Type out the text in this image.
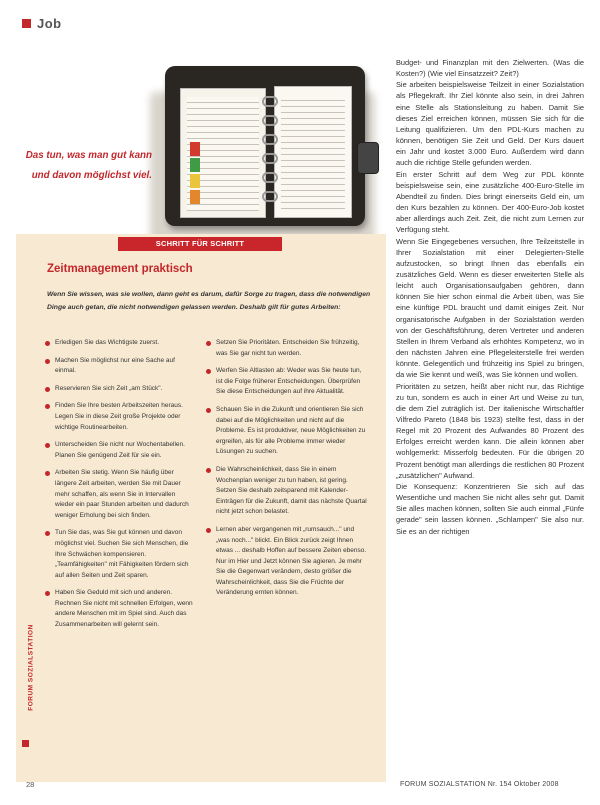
Job
Das tun, was man gut kann
und davon möglichst viel.
SCHRITT FÜR SCHRITT
Zeitmanagement praktisch
Wenn Sie wissen, was sie wollen, dann geht es darum, dafür Sorge zu tragen, dass die notwendigen Dinge auch getan, die nicht notwendigen gelassen werden. Deshalb gilt für gutes Arbeiten:
Erledigen Sie das Wichtigste zuerst.
Machen Sie möglichst nur eine Sache auf einmal.
Reservieren Sie sich Zeit „am Stück".
Finden Sie Ihre besten Arbeitszeiten heraus. Legen Sie in diese Zeit große Projekte oder wichtige Routinearbeiten.
Unterscheiden Sie nicht nur Wochentabellen. Planen Sie genügend Zeit für sie ein.
Arbeiten Sie stetig. Wenn Sie häufig über längere Zeit arbeiten, werden Sie mit Dauer mehr schaffen, als wenn Sie in Intervallen wieder ein paar Stunden arbeiten und dadurch weniger Erholung bei sich finden.
Tun Sie das, was Sie gut können und davon möglichst viel. Suchen Sie sich Menschen, die Ihre Schwächen kompensieren. „Teamfähigkeiten" mit Fähigkeiten fördern sich auf allen Seiten und Zeit sparen.
Haben Sie Geduld mit sich und anderen. Rechnen Sie nicht mit schnellen Erfolgen, wenn andere Menschen mit im Spiel sind. Auch das Zusammenarbeiten will gelernt sein.
Setzen Sie Prioritäten. Entscheiden Sie frühzeitig, was Sie gar nicht tun werden.
Werfen Sie Altlasten ab: Weder was Sie heute tun, ist die Folge früherer Entscheidungen. Überprüfen Sie diese Entscheidungen auf ihre Aktualität.
Schauen Sie in die Zukunft und orientieren Sie sich dabei auf die Möglichkeiten und nicht auf die Probleme. Es ist produktiver, neue Möglichkeiten zu ergreifen, als für alle Probleme immer wieder Lösungen zu suchen.
Die Wahrscheinlichkeit, dass Sie in einem Wochenplan weniger zu tun haben, ist gering. Setzen Sie deshalb zeitsparend mit Kalender-Einträgen für die Zukunft, damit das nächste Quartal nicht jetzt schon belastet.
Lernen aber vergangenen mit „rumsauch..." und „was noch..." blickt. Ein Blick zurück zeigt Ihnen etwas ... deshalb Hoffen auf bessere Zeiten ebenso. Nur im Hier und Jetzt können Sie agieren. Je mehr Sie die Gegenwart verändern, desto größer die Wahrscheinlichkeit, dass Sie die Früchte der Veränderung ernten können.
FORUM SOZIALSTATION

Budget- und Finanzplan mit den Zielwerten. (Was die Kosten?) (Wie viel Einsatzzeit? Zeit?)

Sie arbeiten beispielsweise Teilzeit in einer Sozialstation als Pflegekraft. Ihr Ziel könnte also sein, in drei Jahren eine Stelle als Stationsleitung zu haben. Damit Sie dieses Ziel erreichen können, müssen Sie sich für die Leitung qualifizieren. Um den PDL-Kurs machen zu können, benötigen Sie Zeit und Geld. Der Kurs dauert ein Jahr und kostet 3.000 Euro. Außerdem wird dann auch die richtige Stelle gefunden werden.

Ein erster Schritt auf dem Weg zur PDL könnte beispielsweise sein, eine zusätzliche 400-Euro-Stelle im Abendteil zu finden. Dies bringt einerseits Geld ein, um den Kurs bezahlen zu können. Der 400-Euro-Job kostet aber allerdings auch Zeit. Zeit, die nicht zum Lernen zur Verfügung steht.

Wenn Sie Eingegebenes versuchen, Ihre Teilzeitstelle in Ihrer Sozialstation mit einer Delegierten-Stelle aufzustocken, so bringt Ihnen das ebenfalls ein zusätzliches Geld. Wenn es dieser erweiterten Stelle als leicht auch Organisationsaufgaben gehören, dann können Sie hier schon einmal die Arbeit üben, was Sie eine künftige PDL braucht und damit einiges Zeit. Nur organisatorische Aufgaben in der Sozialstation werden von der Geschäftsführung, deren Vertreter und anderen Stellen in Ihrem Verband als erhöhtes Kompetenz, wo in den nächsten Jahren eine Pflegeleiterstelle frei werden könnte. Gelegentlich und frühzeitig ins Spiel zu bringen, da wie Sie kennt und weiß, was Sie können und wollen.

Prioritäten zu setzen, heißt aber nicht nur, das Richtige zu tun, sondern es auch in einer Art und Weise zu tun, die dem Ziel zuträglich ist. Der italienische Wirtschaftler Vilfredo Pareto (1848 bis 1923) stellte fest, dass in der Regel mit 20 Prozent des Aufwandes 80 Prozent des Erfolges erreicht werden kann. Die allein können aber wohlgemerkt: Misserfolg bedeuten. Für die übrigen 20 Prozent benötigt man allerdings die restlichen 80 Prozent „zusätzlichen" Aufwand.

Die Konsequenz: Konzentrieren Sie sich auf das Wesentliche und machen Sie nicht alles sehr gut. Damit Sie alles machen können, sollten Sie auch einmal „Fünfe gerade" sein lassen können. „Schlampen" Sie also nur. Sie es an der richtigen

28	FORUM SOZIALSTATION Nr. 154 Oktober 2008
